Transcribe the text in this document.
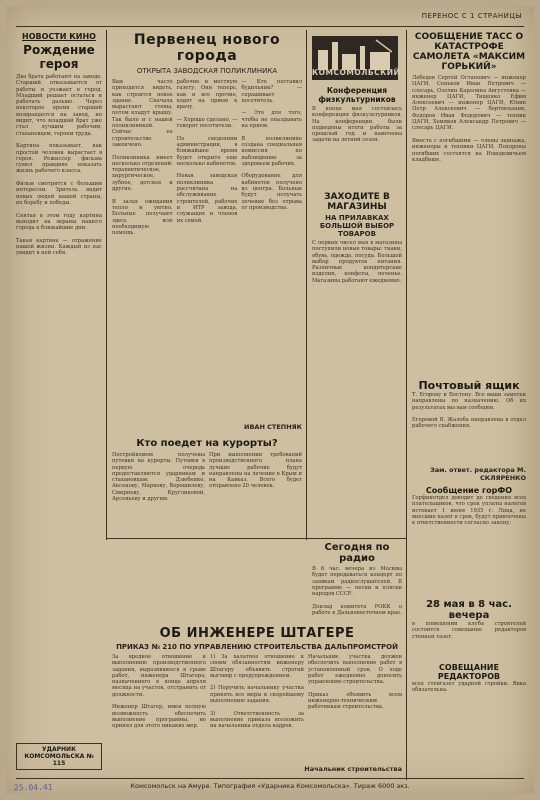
ПЕРЕНОС С 1 СТРАНИЦЫ
НОВОСТИ КИНО
Рождение героя
Два брата работают на заводе. Старший отказывается от работы и уезжает в город. Младший решает остаться и работать дальше. Через некоторое время старший возвращается на завод, но видит, что младший брат уже стал лучшим рабочим, стахановцем, героем труда.

Картина показывает, как простой человек вырастает в героя. Режиссер фильма сумел правдиво показать жизнь рабочего класса.

Фильм смотрится с большим интересом. Зритель видит новых людей нашей страны, их борьбу и победы.

Снятая в этом году картина выходит на экраны нашего города в ближайшие дни.

Такая картина — отражение нашей жизни. Каждый из нас увидит в ней себя.
УДАРНИК КОМСОМОЛЬСКА № 115
Первенец нового города
ОТКРЫТА ЗАВОДСКАЯ ПОЛИКЛИНИКА
Вам часто приходится видеть, как строится новое здание. Сначала вырастают стены, потом кладут крышу. Так было и с нашей поликлиникой. Сейчас ее строительство закончено.

Поликлиника имеет несколько отделений: терапевтическое, хирургическое, зубное, детское и другие.

В залах ожидания тепло и уютно. Больные получают здесь всю необходимую помощь.
рабочие и местную газету. Они теперь, как и все прочие, ходят на прием к врачу.

— Хорошо сделано, — говорят посетители.

По сведениям администрации, в ближайшее время будет открыто еще несколько кабинетов.

Новая заводская поликлиника рассчитана на обслуживание строителей, рабочих и ИТР завода, служащих и членов их семей.
— Кто поставил будильник? — спрашивает посетитель.

— Это для того, чтобы не опаздывать на прием.

В поликлинике создана специальная комиссия по наблюдению за здоровьем рабочих.

Оборудование для кабинетов получено из центра. Больные будут получать лечение без отрыва от производства.
ИВАН СТЕПНЯК
Кто поедет на курорты?
Постройкомом получены путевки на курорты. Путевки в первую очередь предоставляются ударникам и стахановцам: Дзюбенко, Аксенову, Маркову, Ворошилову, Смирнову, Кругликовой, Арсеньеву и другим.
При выполнении требований производственного плана лучшие рабочие будут направлены на лечение в Крым и на Кавказ. Всего будет отправлено 20 человек.
КОМСОМОЛЬСКИЙ
Конференция физкультурников
В конце мая состоялась конференция физкультурников. На конференции были подведены итоги работы за прошлый год и намечены задачи на летний сезон.
ЗАХОДИТЕ В МАГАЗИНЫ
НА ПРИЛАВКАХ БОЛЬШОЙ ВЫБОР ТОВАРОВ
С первых чисел мая в магазины поступили новые товары: ткани, обувь, одежда, посуда. Большой выбор продуктов питания. Различные кондитерские изделия, конфеты, печенье. Магазины работают ежедневно.
Сегодня по радио
В 8 час. вечера из Москвы будет передаваться концерт по заявкам радиослушателей. В программе — песни и пляски народов СССР.

Доклад комитета РОКК о работе в Дальневосточном крае.
СООБЩЕНИЕ ТАСС О КАТАСТРОФЕ САМОЛЕТА «МАКСИМ ГОРЬКИЙ»
Лебедев Сергей Остапович — инженер ЦАГИ, Сеньков Иван Петрович — слесарь, Озолин Каролина Августовна — инженер ЦАГИ, Тищенко Ефим Алексеевич — инженер ЦАГИ, Юнин Петр Алексеевич — бортмеханик, Федоров Иван Федорович — техник ЦАГИ, Хомяков Александр Петрович — слесарь ЦАГИ.

Вместе с погибшими — члены экипажа, инженеры и техники ЦАГИ. Похороны погибших состоятся на Новодевичьем кладбище.
Почтовый ящик
Т. Егорову и Бостону. Все ваши заметки направлены по назначению. Об их результатах мы вам сообщим.

Егоровой В. Жалоба направлена в отдел рабочего снабжения.
Зам. ответ. редактора М. СКЛЯРЕНКО
Сообщение горФО
Горфинотдел доводит до сведения всех плательщиков, что срок уплаты налогов истекает 1 июня 1935 г. Лица, не внесшие налог в срок, будут привлечены к ответственности согласно закону.
28 мая в 8 час. вечера
в помещении клуба строителей состоится совещание редакторов стенных газет.
СОВЕЩАНИЕ РЕДАКТОРОВ
всех стенгазет ударной стройки. Явка обязательна.
ОБ ИНЖЕНЕРЕ ШТАГЕРЕ
ПРИКАЗ № 210 ПО УПРАВЛЕНИЮ СТРОИТЕЛЬСТВА ДАЛЬПРОМСТРОЙ
За вредное отношение к выполнению производственного задания, выразившееся в срыве работ, инженера Штагера, назначенного в конце апреля месяца на участок, отстранить от должности.

Инженер Штагер, имея полную возможность обеспечить выполнение программы, не принял для этого никаких мер.
1) За халатное отношение к своим обязанностям инженеру Штагеру объявить строгий выговор с предупреждением.

2) Поручить начальнику участка принять все меры к скорейшему выполнению задания.

3) Ответственность за выполнение приказа возложить на начальника отдела кадров.
Начальник участка должен обеспечить выполнение работ в установленный срок. О ходе работ ежедневно доносить управлению строительства.

Приказ объявить всем инженерно-техническим работникам строительства.
Начальник строительства
Комсомольск на Амуре. Типография «Ударника Комсомольска». Тираж 6000 экз.
25.04.41
